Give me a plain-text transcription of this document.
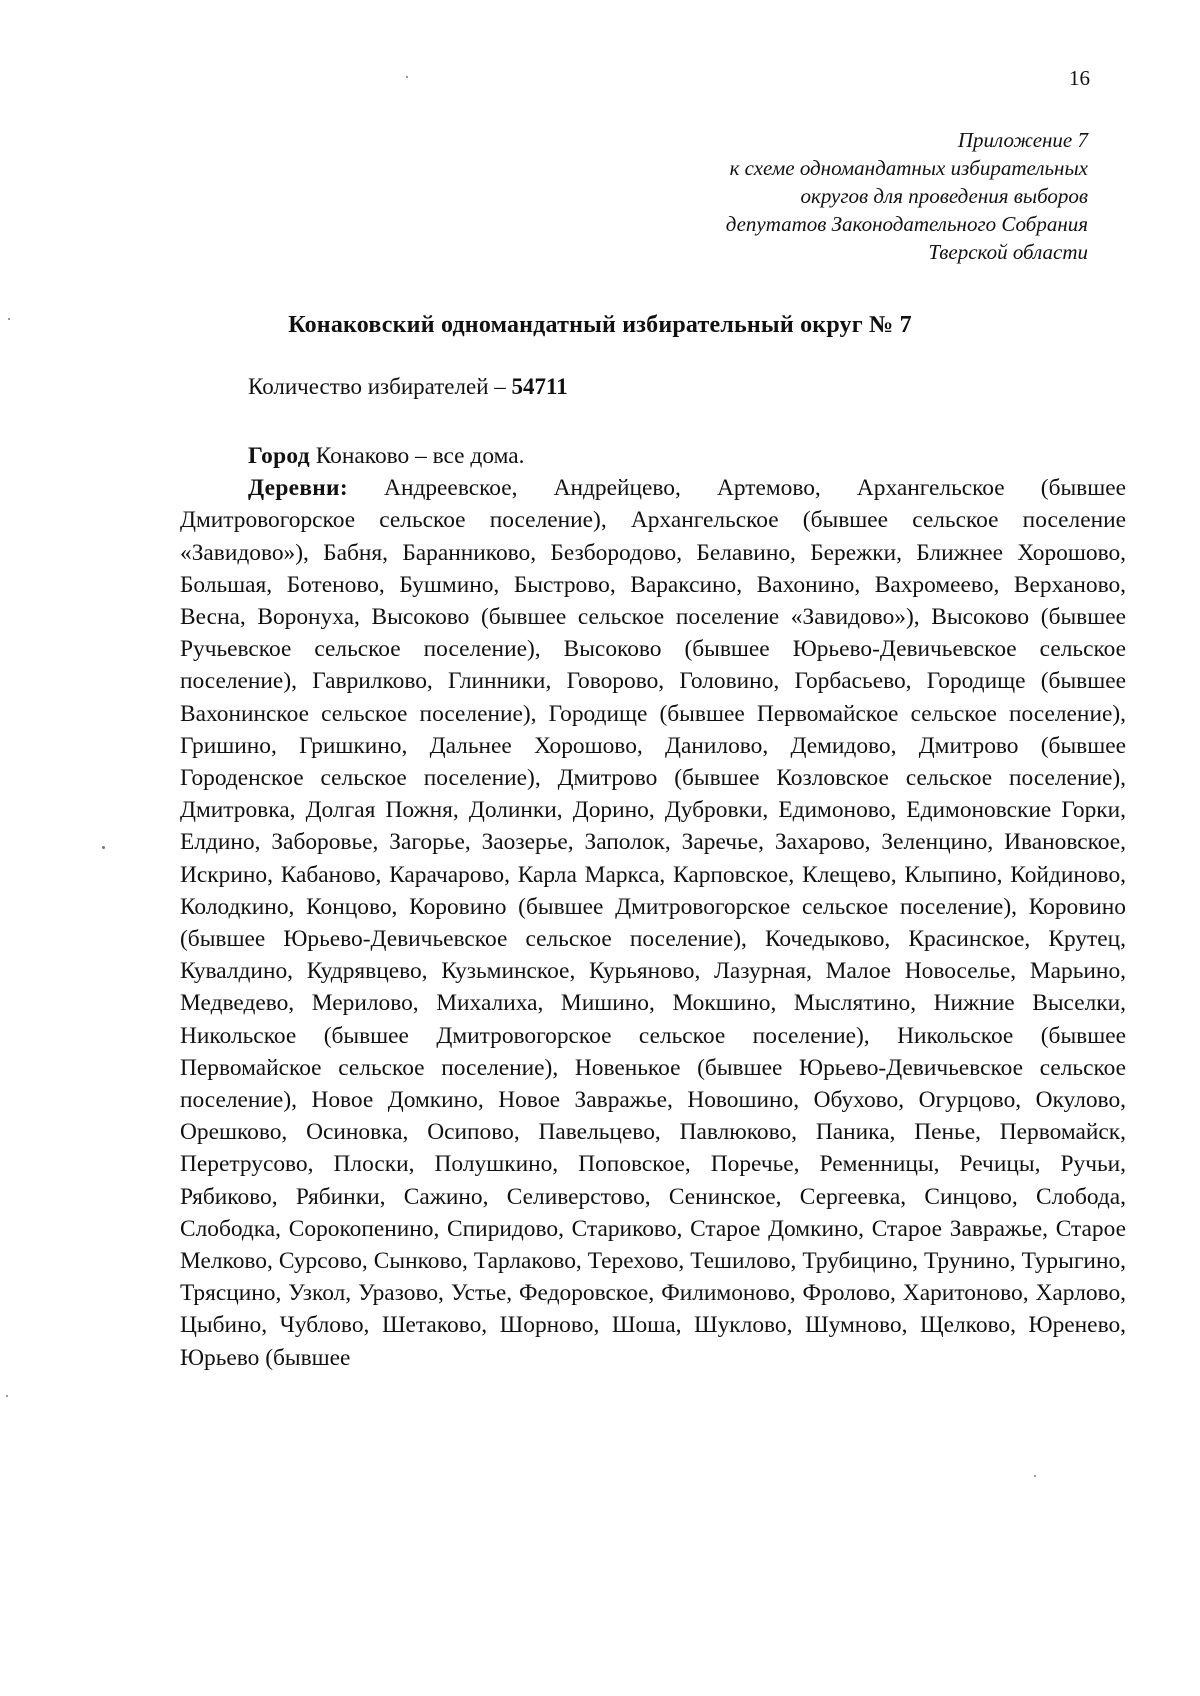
16
Приложение 7
к схеме одномандатных избирательных
округов для проведения выборов
депутатов Законодательного Собрания
Тверской области
Конаковский одномандатный избирательный округ № 7
Количество избирателей – 54711

Город Конаково – все дома.

Деревни: Андреевское, Андрейцево, Артемово, Архангельское (бывшее Дмитровогорское сельское поселение), Архангельское (бывшее сельское поселение «Завидово»), Бабня, Баранниково, Безбородово, Белавино, Бережки, Ближнее Хорошово, Большая, Ботеново, Бушмино, Быстрово, Вараксино, Вахонино, Вахромеево, Верханово, Весна, Воронуха, Высоково (бывшее сельское поселение «Завидово»), Высоково (бывшее Ручьевское сельское поселение), Высоково (бывшее Юрьево-Девичьевское сельское поселение), Гаврилково, Глинники, Говорово, Головино, Горбасьево, Городище (бывшее Вахонинское сельское поселение), Городище (бывшее Первомайское сельское поселение), Гришино, Гришкино, Дальнее Хорошово, Данилово, Демидово, Дмитрово (бывшее Городенское сельское поселение), Дмитрово (бывшее Козловское сельское поселение), Дмитровка, Долгая Пожня, Долинки, Дорино, Дубровки, Едимоново, Едимоновские Горки, Елдино, Заборовье, Загорье, Заозерье, Заполок, Заречье, Захарово, Зеленцино, Ивановское, Искрино, Кабаново, Карачарово, Карла Маркса, Карповское, Клещево, Клыпино, Койдиново, Колодкино, Концово, Коровино (бывшее Дмитровогорское сельское поселение), Коровино (бывшее Юрьево-Девичьевское сельское поселение), Кочедыково, Красинское, Крутец, Кувалдино, Кудрявцево, Кузьминское, Курьяново, Лазурная, Малое Новоселье, Марьино, Медведево, Мерилово, Михалиха, Мишино, Мокшино, Мыслятино, Нижние Выселки, Никольское (бывшее Дмитровогорское сельское поселение), Никольское (бывшее Первомайское сельское поселение), Новенькое (бывшее Юрьево-Девичьевское сельское поселение), Новое Домкино, Новое Завражье, Новошино, Обухово, Огурцово, Окулово, Орешково, Осиновка, Осипово, Павельцево, Павлюково, Паника, Пенье, Первомайск, Перетрусово, Плоски, Полушкино, Поповское, Поречье, Ременницы, Речицы, Ручьи, Рябиково, Рябинки, Сажино, Селиверстово, Сенинское, Сергеевка, Синцово, Слобода, Слободка, Сорокопенино, Спиридово, Стариково, Старое Домкино, Старое Завражье, Старое Мелково, Сурсово, Сынково, Тарлаково, Терехово, Тешилово, Трубицино, Трунино, Турыгино, Трясцино, Узкол, Уразово, Устье, Федоровское, Филимоново, Фролово, Харитоново, Харлово, Цыбино, Чублово, Шетаково, Шорново, Шоша, Шуклово, Шумново, Щелково, Юренево, Юрьево (бывшее
